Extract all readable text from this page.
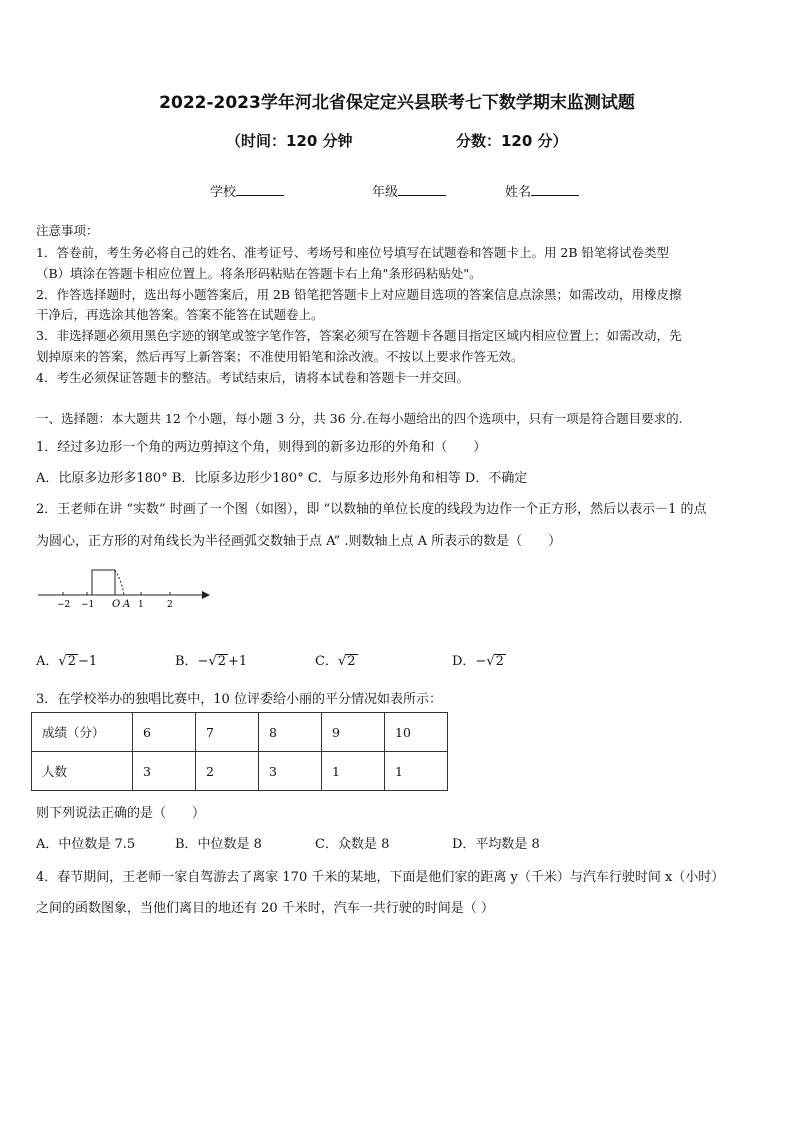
2022-2023学年河北省保定定兴县联考七下数学期末监测试题
（时间：120 分钟	分数：120 分）
学校	年级	姓名
注意事项：
1．答卷前，考生务必将自己的姓名、准考证号、考场号和座位号填写在试题卷和答题卡上。用 2B 铅笔将试卷类型
（B）填涂在答题卡相应位置上。将条形码粘贴在答题卡右上角"条形码粘贴处"。
2．作答选择题时，选出每小题答案后，用 2B 铅笔把答题卡上对应题目选项的答案信息点涂黑；如需改动，用橡皮擦
干净后，再选涂其他答案。答案不能答在试题卷上。
3．非选择题必须用黑色字迹的钢笔或签字笔作答，答案必须写在答题卡各题目指定区域内相应位置上；如需改动，先
划掉原来的答案，然后再写上新答案；不准使用铅笔和涂改液。不按以上要求作答无效。
4．考生必须保证答题卡的整洁。考试结束后，请将本试卷和答题卡一并交回。
一、选择题：本大题共 12 个小题，每小题 3 分，共 36 分.在每小题给出的四个选项中，只有一项是符合题目要求的.
1．经过多边形一个角的两边剪掉这个角，则得到的新多边形的外角和（　　）
A．比原多边形多180° B．比原多边形少180° C．与原多边形外角和相等 D．不确定
2．王老师在讲 “实数” 时画了一个图（如图），即 “以数轴的单位长度的线段为边作一个正方形，然后以表示－1 的点
为圆心，正方形的对角线长为半径画弧交数轴于点 A” .则数轴上点 A 所表示的数是（　　）
−2 −1 O A 1	2
A．√2 −1	B．−√2 +1	C．√2	D．−√2
3．在学校举办的独唱比赛中，10 位评委给小丽的平分情况如表所示：
成绩（分）	6	7	8	9	10
人数	3	2	3	1	1
则下列说法正确的是（　　）
A．中位数是 7.5	B．中位数是 8	C．众数是 8	D．平均数是 8
4．春节期间，王老师一家自驾游去了离家 170 千米的某地，下面是他们家的距离 y（千米）与汽车行驶时间 x（小时）
之间的函数图象，当他们离目的地还有 20 千米时，汽车一共行驶的时间是（ ）
